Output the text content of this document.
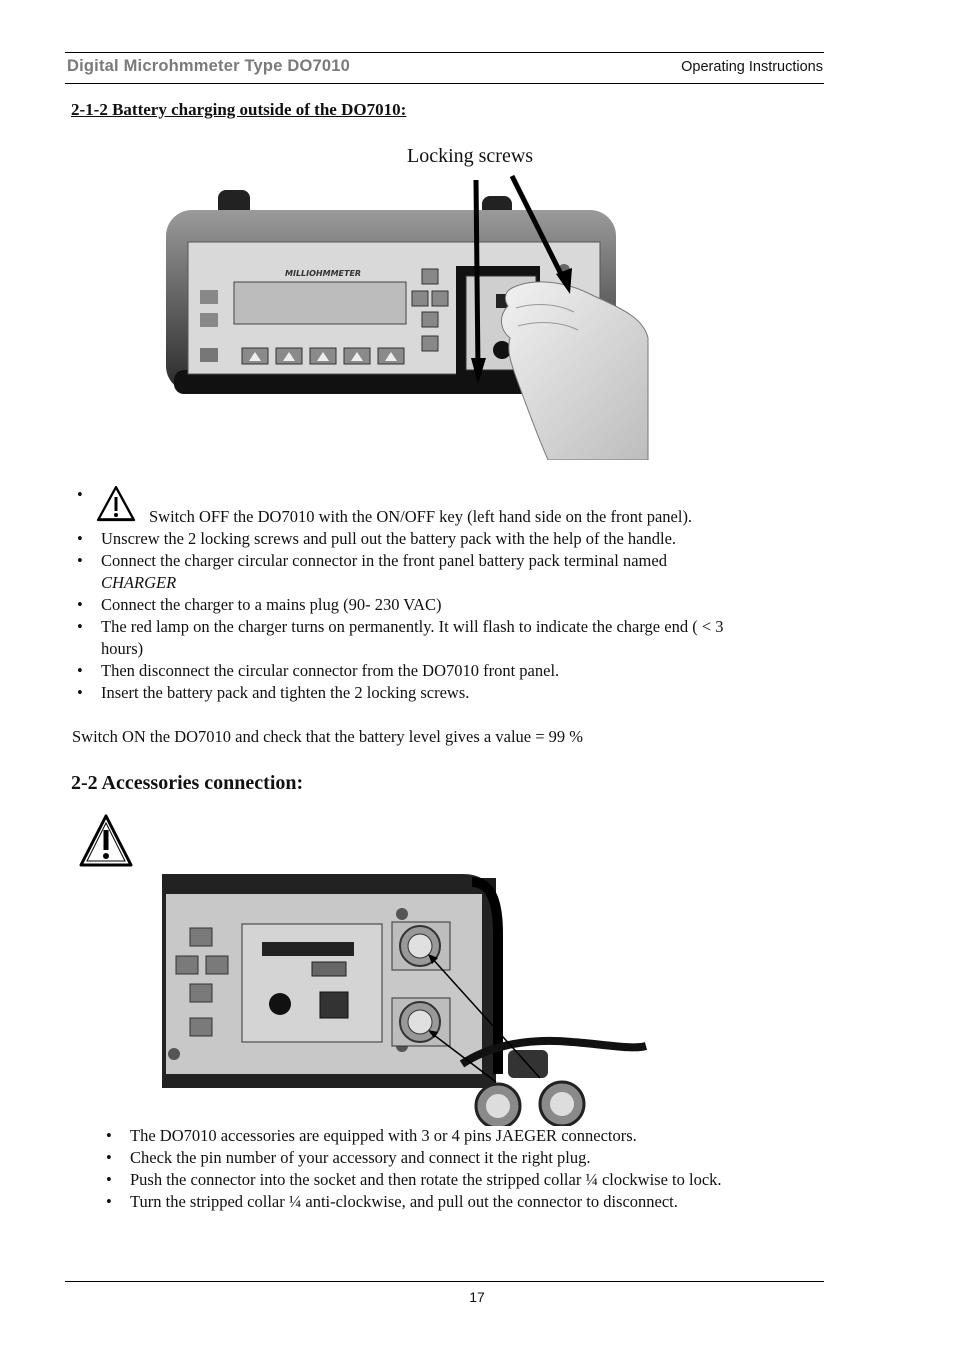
Digital Microhmmeter Type DO7010	Operating Instructions
2-1-2 Battery charging outside of the DO7010:
Locking screws
MILLIOHMMETER
• Switch OFF the DO7010 with the ON/OFF key (left hand side on the front panel).
• Unscrew the 2 locking screws and pull out the battery pack with the help of the handle.
• Connect the charger circular connector in the front panel battery pack terminal named CHARGER
• Connect the charger to a mains plug (90- 230 VAC)
• The red lamp on the charger turns on permanently. It will flash to indicate the charge end ( < 3 hours)
• Then disconnect the circular connector from the DO7010 front panel.
• Insert the battery pack and tighten the 2 locking screws.
Switch ON the DO7010 and check that the battery level gives a value = 99 %
2-2 Accessories connection:
• The DO7010 accessories are equipped with 3 or 4 pins JAEGER connectors.
• Check the pin number of your accessory and connect it the right plug.
• Push the connector into the socket and then rotate the stripped collar ¼ clockwise to lock.
• Turn the stripped collar ¼ anti-clockwise, and pull out the connector to disconnect.
17
